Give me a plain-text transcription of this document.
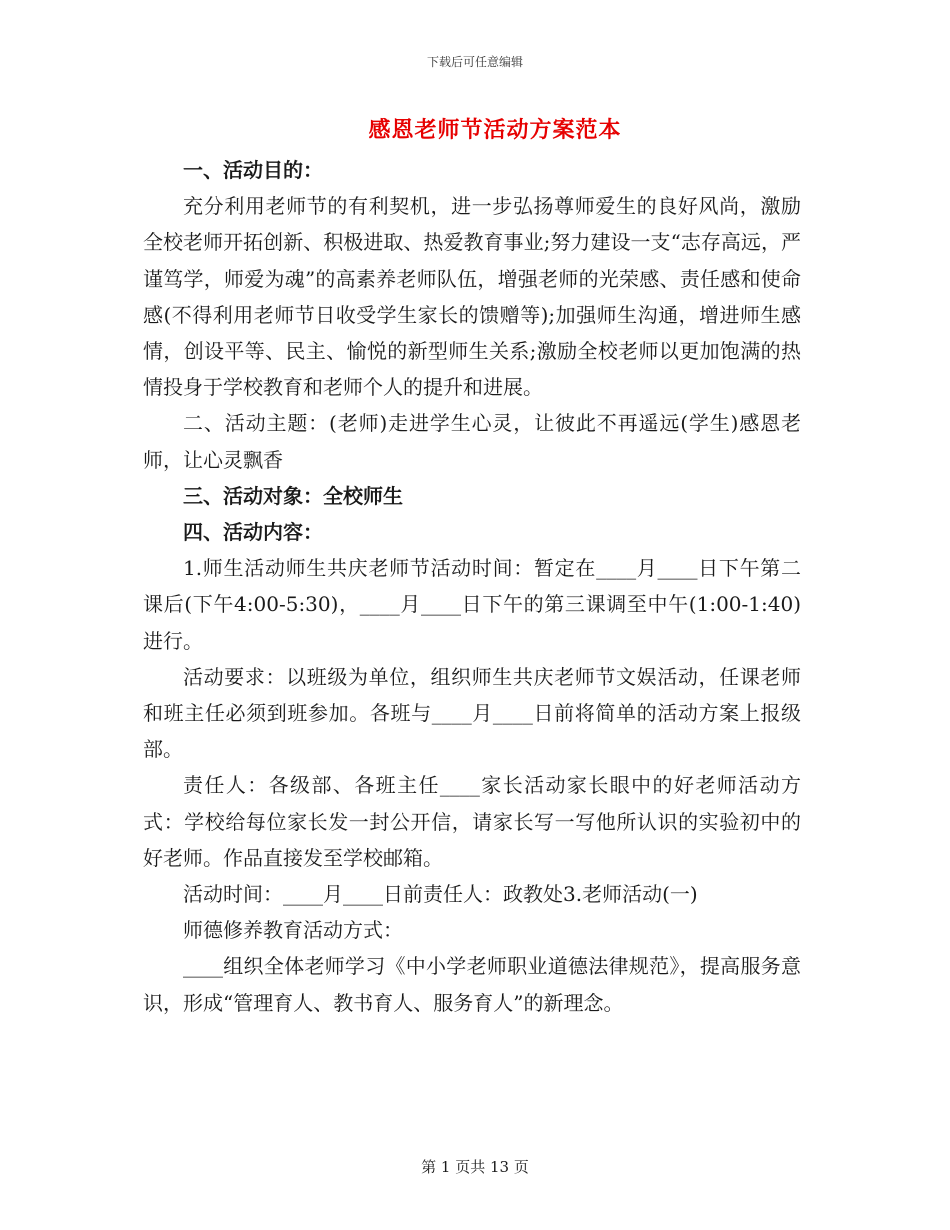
下载后可任意编辑
感恩老师节活动方案范本

一、活动目的：

充分利用老师节的有利契机，进一步弘扬尊师爱生的良好风尚，激励全校老师开拓创新、积极进取、热爱教育事业;努力建设一支“志存高远，严谨笃学，师爱为魂”的高素养老师队伍，增强老师的光荣感、责任感和使命感(不得利用老师节日收受学生家长的馈赠等);加强师生沟通，增进师生感情，创设平等、民主、愉悦的新型师生关系;激励全校老师以更加饱满的热情投身于学校教育和老师个人的提升和进展。

二、活动主题：(老师)走进学生心灵，让彼此不再遥远(学生)感恩老师，让心灵飘香

三、活动对象：全校师生

四、活动内容：

1.师生活动师生共庆老师节活动时间：暂定在____月____日下午第二课后(下午4:00-5:30)，____月____日下午的第三课调至中午(1:00-1:40)进行。

活动要求：以班级为单位，组织师生共庆老师节文娱活动，任课老师和班主任必须到班参加。各班与____月____日前将简单的活动方案上报级部。

责任人：各级部、各班主任____家长活动家长眼中的好老师活动方式：学校给每位家长发一封公开信，请家长写一写他所认识的实验初中的好老师。作品直接发至学校邮箱。

活动时间：____月____日前责任人：政教处3.老师活动(一)

师德修养教育活动方式：

____组织全体老师学习《中小学老师职业道德法律规范》，提高服务意识，形成“管理育人、教书育人、服务育人”的新理念。

第 1 页共 13 页
